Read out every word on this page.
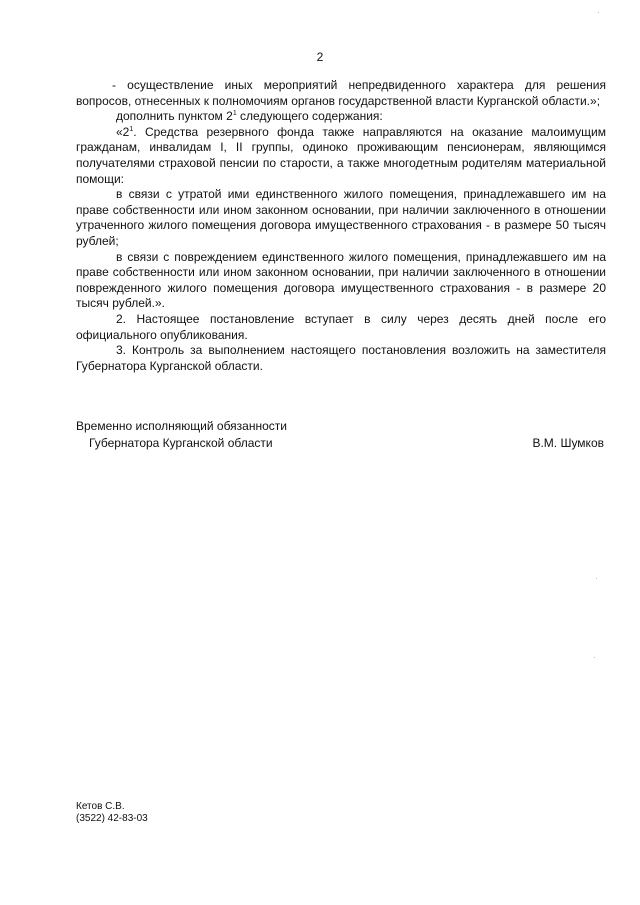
2

- осуществление иных мероприятий непредвиденного характера для решения вопросов, отнесенных к полномочиям органов государственной власти Курганской области.»;

дополнить пунктом $2^1$ следующего содержания:

«$2^1$. Средства резервного фонда также направляются на оказание малоимущим гражданам, инвалидам I, II группы, одиноко проживающим пенсионерам, являющимся получателями страховой пенсии по старости, а также многодетным родителям материальной помощи:

в связи с утратой ими единственного жилого помещения, принадлежавшего им на праве собственности или ином законном основании, при наличии заключенного в отношении утраченного жилого помещения договора имущественного страхования - в размере 50 тысяч рублей;

в связи с повреждением единственного жилого помещения, принадлежавшего им на праве собственности или ином законном основании, при наличии заключенного в отношении поврежденного жилого помещения договора имущественного страхования - в размере 20 тысяч рублей.».

2. Настоящее постановление вступает в силу через десять дней после его официального опубликования.

3. Контроль за выполнением настоящего постановления возложить на заместителя Губернатора Курганской области.

Временно исполняющий обязанности
Губернатора Курганской области	В.М. Шумков
Кетов С.В.
(3522) 42-83-03
